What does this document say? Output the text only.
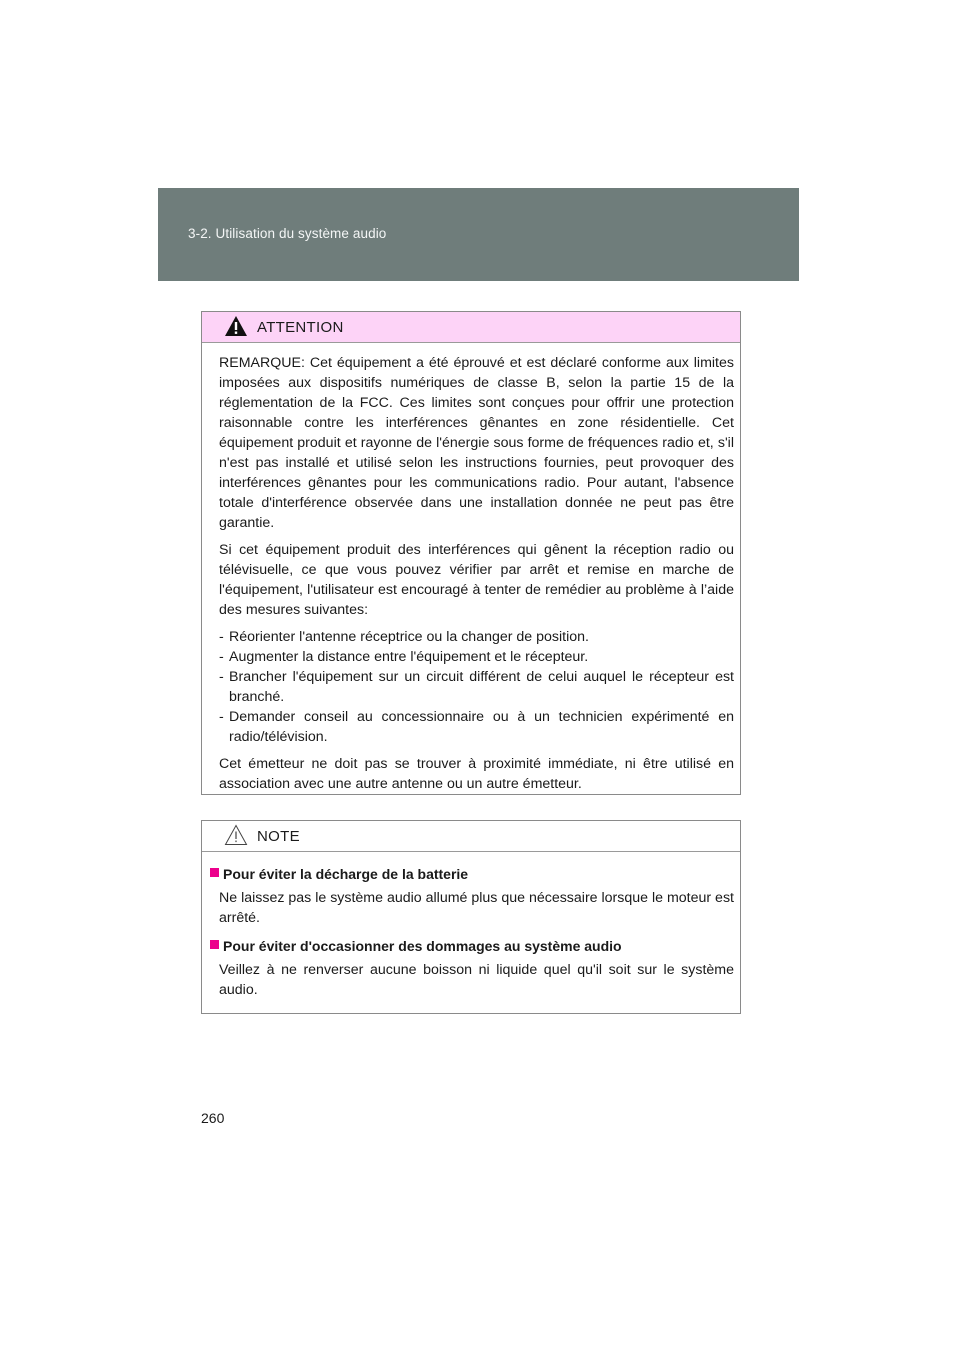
3-2. Utilisation du système audio
ATTENTION

REMARQUE: Cet équipement a été éprouvé et est déclaré conforme aux limites imposées aux dispositifs numériques de classe B, selon la partie 15 de la réglementation de la FCC. Ces limites sont conçues pour offrir une protection raisonnable contre les interférences gênantes en zone résidentielle. Cet équipement produit et rayonne de l'énergie sous forme de fréquences radio et, s'il n'est pas installé et utilisé selon les instructions fournies, peut provoquer des interférences gênantes pour les communications radio. Pour autant, l'absence totale d'interférence observée dans une installation donnée ne peut pas être garantie.

Si cet équipement produit des interférences qui gênent la réception radio ou télévisuelle, ce que vous pouvez vérifier par arrêt et remise en marche de l'équipement, l'utilisateur est encouragé à tenter de remédier au problème à l’aide des mesures suivantes:

- Réorienter l'antenne réceptrice ou la changer de position.
- Augmenter la distance entre l'équipement et le récepteur.
- Brancher l'équipement sur un circuit différent de celui auquel le récepteur est branché.
- Demander conseil au concessionnaire ou à un technicien expérimenté en radio/télévision.

Cet émetteur ne doit pas se trouver à proximité immédiate, ni être utilisé en association avec une autre antenne ou un autre émetteur.

NOTE
Pour éviter la décharge de la batterie

Ne laissez pas le système audio allumé plus que nécessaire lorsque le moteur est arrêté.

Pour éviter d'occasionner des dommages au système audio

Veillez à ne renverser aucune boisson ni liquide quel qu'il soit sur le système audio.

260
